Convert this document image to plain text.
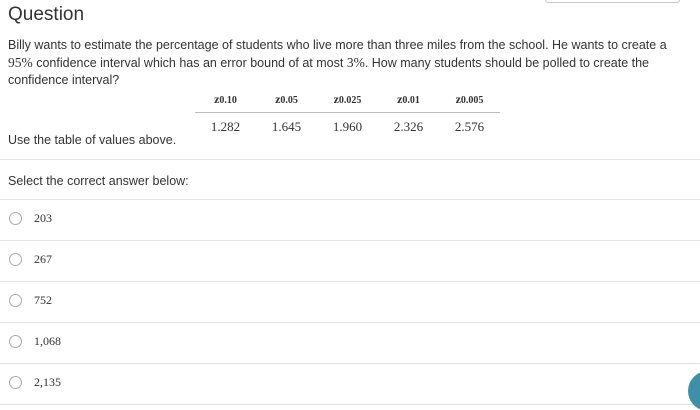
Question
Billy wants to estimate the percentage of students who live more than three miles from the school. He wants to create a
95% confidence interval which has an error bound of at most 3%. How many students should be polled to create the confidence interval?
z0.10	z0.05	z0.025	z0.01	z0.005
1.282	1.645	1.960	2.326	2.576
Use the table of values above.
Select the correct answer below:
203
267
752
1,068
2,135
